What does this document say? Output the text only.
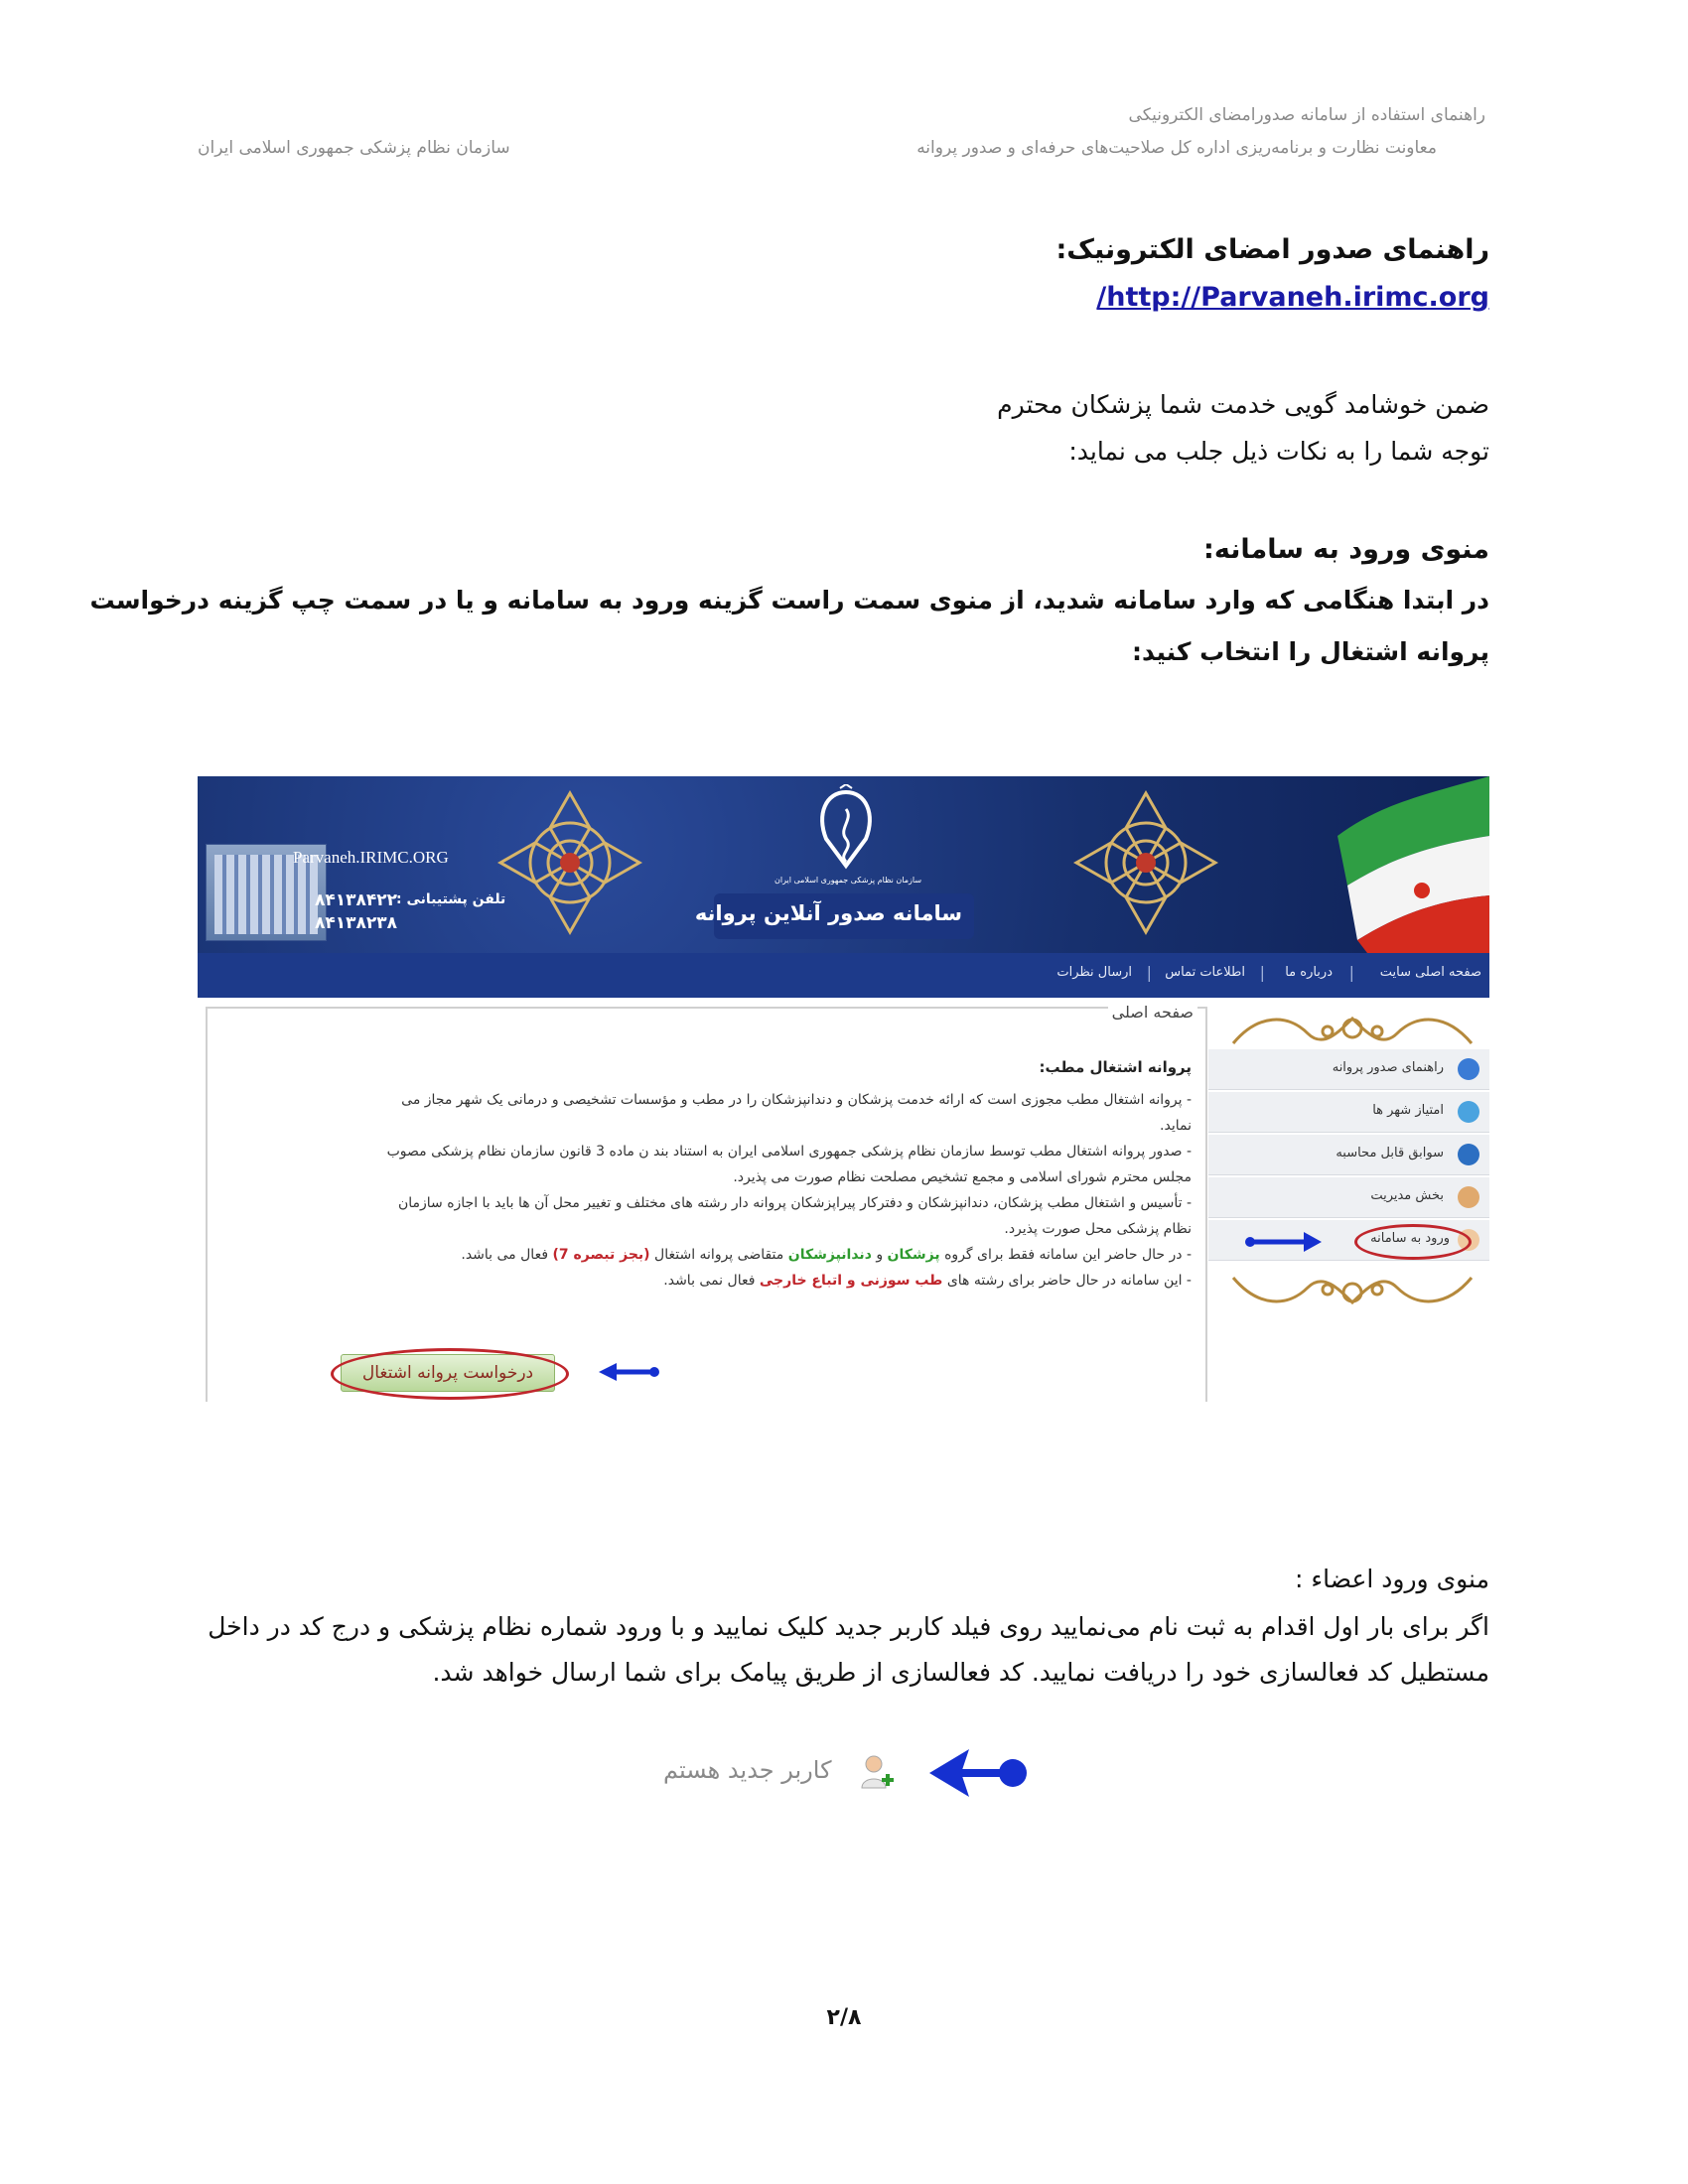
راهنمای استفاده از سامانه صدورامضای الکترونیکی
معاونت نظارت و برنامه‌ریزی اداره کل صلاحیت‌های حرفه‌ای و صدور پروانه
سازمان نظام پزشکی جمهوری اسلامی ایران
راهنمای صدور امضای الکترونیک:
/http://Parvaneh.irimc.org
ضمن خوشامد گویی خدمت شما پزشکان محترم
توجه شما را به نکات ذیل جلب می نماید:
منوی ورود به سامانه:
در ابتدا هنگامی که وارد سامانه شدید، از منوی سمت راست گزینه ورود به سامانه و یا در سمت چپ گزینه درخواست
پروانه اشتغال را انتخاب کنید:
Parvaneh.IRIMC.ORG
تلفن پشتیبانی :
۸۴۱۳۸۴۲۲
۸۴۱۳۸۲۳۸
سازمان نظام پزشکی جمهوری اسلامی ایران
سامانه صدور آنلاین پروانه
صفحه اصلی سایت
|
درباره ما
|
اطلاعات تماس
|
ارسال نظرات
راهنمای صدور پروانه
امتیاز شهر ها
سوابق قابل محاسبه
بخش مدیریت
ورود به سامانه
صفحه اصلی
پروانه اشتغال مطب:
- پروانه اشتغال مطب مجوزی است که ارائه خدمت پزشکان و دندانپزشکان را در مطب و مؤسسات تشخیصی و درمانی یک شهر مجاز می
نماید.
- صدور پروانه اشتغال مطب توسط سازمان نظام پزشکی جمهوری اسلامی ایران به استناد بند ن ماده 3 قانون سازمان نظام پزشکی مصوب
مجلس محترم شورای اسلامی و مجمع تشخیص مصلحت نظام صورت می پذیرد.
- تأسیس و اشتغال مطب پزشکان، دندانپزشکان و دفترکار پیراپزشکان پروانه دار رشته های مختلف و تغییر محل آن ها باید با اجازه سازمان
نظام پزشکی محل صورت پذیرد.
- در حال حاضر این سامانه فقط برای گروه پزشکان و دندانپزشکان متقاضی پروانه اشتغال (بجز تبصره 7) فعال می باشد.
- این سامانه در حال حاضر برای رشته های طب سوزنی و اتباع خارجی فعال نمی باشد.
درخواست پروانه اشتغال
منوی ورود اعضاء :
اگر برای بار اول اقدام به ثبت نام می‌نمایید روی فیلد کاربر جدید کلیک نمایید و با ورود شماره نظام پزشکی و درج کد در داخل
مستطیل کد فعالسازی خود را دریافت نمایید. کد فعالسازی از طریق پیامک برای شما ارسال خواهد شد.
کاربر جدید هستم
۲/۸
